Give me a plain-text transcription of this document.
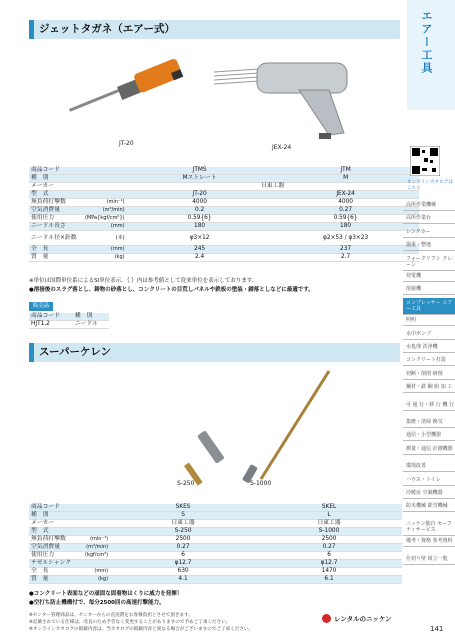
ジェットタガネ（エアー式）
JT-20
JEX-24
商品コード		JTMS	JTM
種　別		Mストレート	M
メーカー		日東工器	
型　式		JT-20	JEX-24
無負荷打撃数	(min⁻¹)	4000	4000
空気消費量	(m³/min)	0.2	0.27
使用圧力	(MPa{kgf/cm²})	0.59{6}	0.59{6}
ニードル長さ	(mm)	180	180
ニードル径×針数	(本)	φ3×12	φ2×53 / φ3×23
全　長	(mm)	245	237
質　量	(kg)	2.4	2.7
※単位は国際単位系によるSI単位表示。｛ ｝内は参考値として従来単位を表示しております。
●溶接後のスラグ落とし、鋳物の砂落とし、コンクリートの目荒しパネルや鉄板の塗装・錆落としなどに最適です。
販売品
商品コード	種　別
HJT1,2	ニードル
スーパーケレン
S-250	S-1000
商品コード		SKES	SKEL
種　別		S	L
メーカー		日東工器	日東工器
型　式		S-250	S-1000
無負荷打撃数	(min⁻¹)	2500	2500
空気消費量	(m³/min)	0.27	0.27
使用圧力	(kgf/cm²)	6	6
チゼルシャンク		φ12.7	φ12.7
全　長	(mm)	630	1470
質　量	(kg)	4.1	6.1
●コンクリート表面などの頑固な固着物はくりに威力を発揮！
●空打ち防止機構付で、毎分2500回の高速打撃能力。
※センター管理商品は、センターからの直送費をお客様負担とさせて頂きます。
※記載されている仕様は、改良のため予告なく変更することがありますので予めご了承ください。
※オンラインカタログの掲載内容は、当カタログの掲載内容と異なる場合がございますのでご了承ください。
レンタルのニッケン
141
エアー工具
オンラインカタログはこちら
高所作業機械
高所作業台
レンタカー
揚重・整地
フォークリフト クレーン
発電機
溶接機
コンプレッサー エアー工具
照明
水中ポンプ
水処理 洗浄機
コンクリート打設
切断・削削 研削
鋼材・鉄 鋼 組 加 工
可 通 行・移 行 機 行
集塵・清掃 換気
通信・小型機器
測量・通信 計測機器
環境改善
ハウス・トイレ
冷暖房 空調機器
防災機械 除雪機械
ニッケン独自 セーフティサービス
備考・資格 参考資料
仕切り壁 組立一覧
